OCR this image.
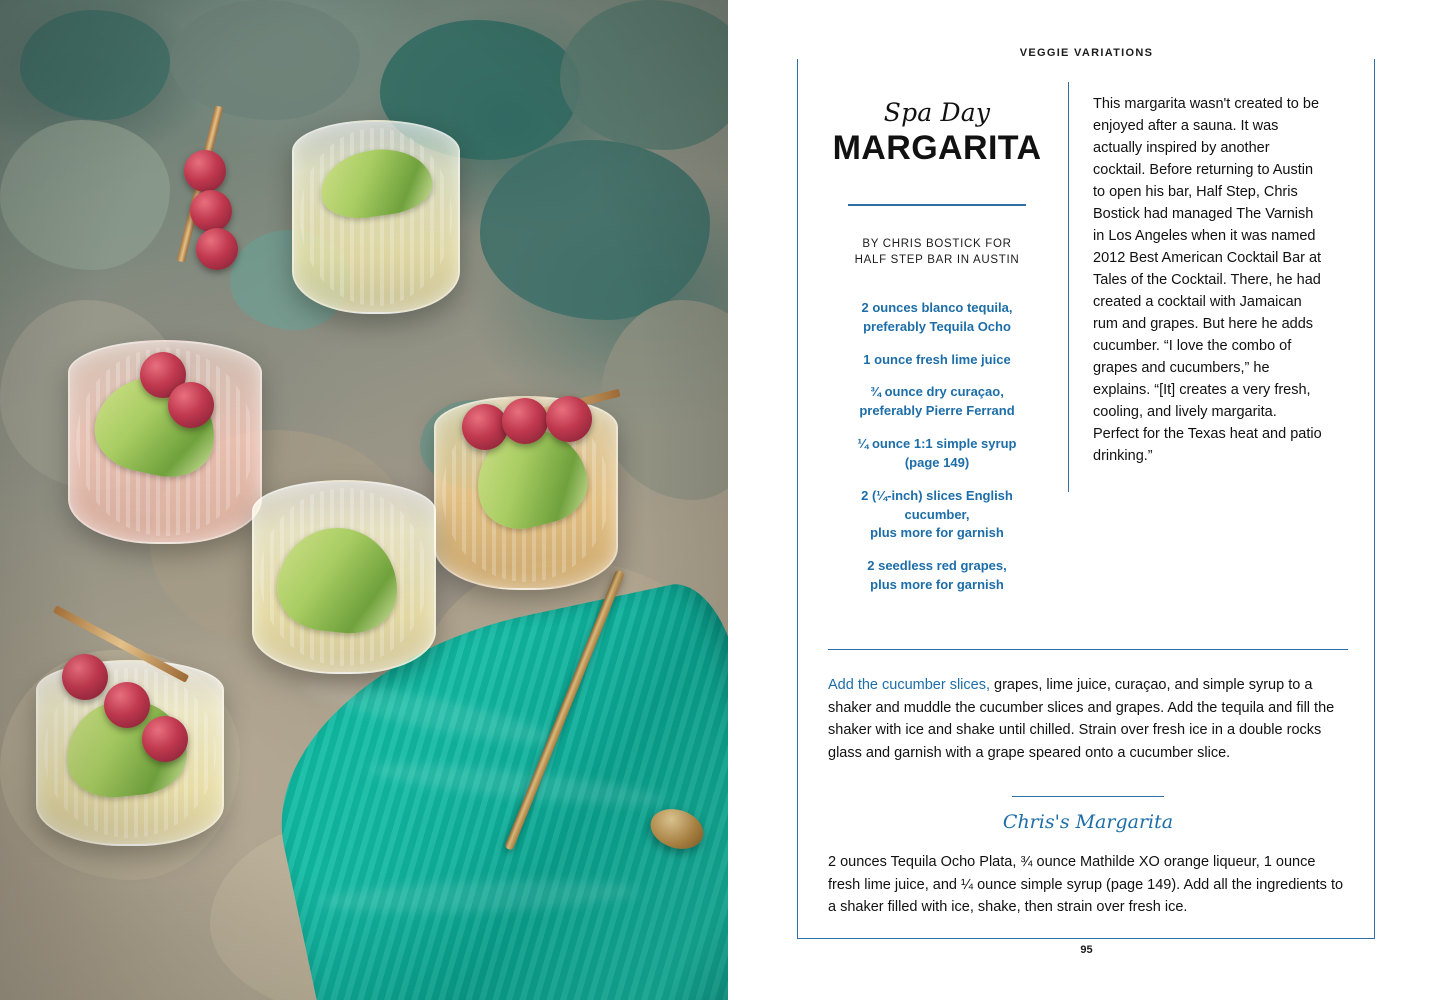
VEGGIE VARIATIONS
Spa Day
MARGARITA
BY CHRIS BOSTICK FOR
HALF STEP BAR IN AUSTIN
2 ounces blanco tequila,
preferably Tequila Ocho
1 ounce fresh lime juice
¾ ounce dry curaçao,
preferably Pierre Ferrand
¼ ounce 1:1 simple syrup
(page 149)
2 (¼-inch) slices English cucumber,
plus more for garnish
2 seedless red grapes,
plus more for garnish

This margarita wasn't created to be enjoyed after a sauna. It was actually inspired by another cocktail. Before returning to Austin to open his bar, Half Step, Chris Bostick had managed The Varnish in Los Angeles when it was named 2012 Best American Cocktail Bar at Tales of the Cocktail. There, he had created a cocktail with Jamaican rum and grapes. But here he adds cucumber. “I love the combo of grapes and cucumbers,” he explains. “[It] creates a very fresh, cooling, and lively margarita. Perfect for the Texas heat and patio drinking.”

Add the cucumber slices, grapes, lime juice, curaçao, and simple syrup to a shaker and muddle the cucumber slices and grapes. Add the tequila and fill the shaker with ice and shake until chilled. Strain over fresh ice in a double rocks glass and garnish with a grape speared onto a cucumber slice.

Chris's Margarita

2 ounces Tequila Ocho Plata, ¾ ounce Mathilde XO orange liqueur, 1 ounce fresh lime juice, and ¼ ounce simple syrup (page 149). Add all the ingredients to a shaker filled with ice, shake, then strain over fresh ice.

95
